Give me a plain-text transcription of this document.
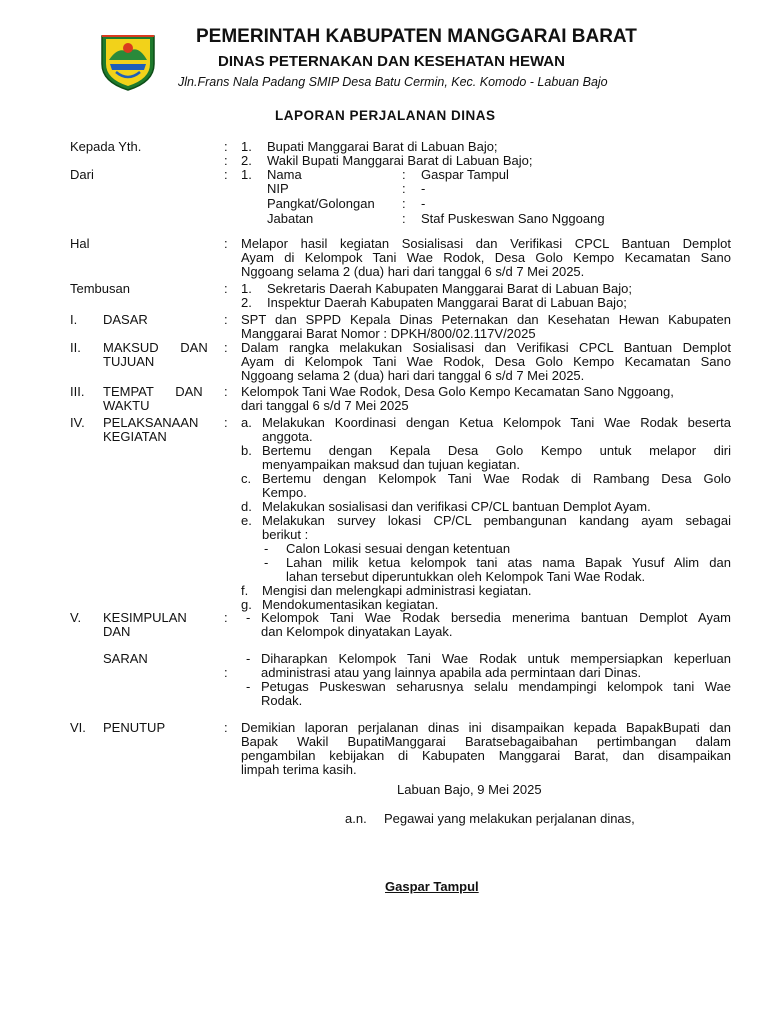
PEMERINTAH KABUPATEN MANGGARAI BARAT
DINAS PETERNAKAN DAN KESEHATAN HEWAN
Jln.Frans Nala Padang SMIP Desa Batu Cermin, Kec. Komodo - Labuan Bajo
LAPORAN PERJALANAN DINAS
Kepada Yth.	: 1. Bupati Manggarai Barat di Labuan Bajo;
: 2. Wakil Bupati Manggarai Barat di Labuan Bajo;
Dari	: 1. Nama	: Gaspar Tampul
NIP	: -
Pangkat/Golongan : -
Jabatan	: Staf Puskeswan Sano Nggoang
Hal	: Melapor hasil kegiatan Sosialisasi dan Verifikasi CPCL Bantuan Demplot
Ayam di Kelompok Tani Wae Rodok, Desa Golo Kempo Kecamatan Sano
Nggoang selama 2 (dua) hari dari tanggal 6 s/d 7 Mei 2025.
Tembusan	: 1. Sekretaris Daerah Kabupaten Manggarai Barat di Labuan Bajo;
2. Inspektur Daerah Kabupaten Manggarai Barat di Labuan Bajo;
I. DASAR	: SPT dan SPPD Kepala Dinas Peternakan dan Kesehatan Hewan Kabupaten
Manggarai Barat Nomor : DPKH/800/02.117V/2025
II. MAKSUD      DAN
TUJUAN
: Dalam rangka melakukan Sosialisasi dan Verifikasi CPCL Bantuan Demplot
Ayam di Kelompok Tani Wae Rodok, Desa Golo Kempo Kecamatan Sano
Nggoang selama 2 (dua) hari dari tanggal 6 s/d 7 Mei 2025.
III. TEMPAT      DAN
WAKTU
: Kelompok Tani Wae Rodok, Desa Golo Kempo Kecamatan Sano Nggoang,
dari tanggal 6 s/d 7 Mei 2025
IV. PELAKSANAAN
KEGIATAN
: a. Melakukan Koordinasi dengan Ketua Kelompok Tani Wae Rodak beserta
anggota.
b. Bertemu dengan Kepala Desa Golo Kempo untuk melapor diri
menyampaikan maksud dan tujuan kegiatan.
c. Bertemu dengan Kelompok Tani Wae Rodak di Rambang Desa Golo
Kempo.
d. Melakukan sosialisasi dan verifikasi CP/CL bantuan Demplot Ayam.
e. Melakukan survey lokasi CP/CL pembangunan kandang ayam sebagai
berikut :
- Calon Lokasi sesuai dengan ketentuan
- Lahan milik ketua kelompok tani atas nama Bapak Yusuf Alim dan
lahan tersebut diperuntukkan oleh Kelompok Tani Wae Rodak.
f. Mengisi dan melengkapi administrasi kegiatan.
g. Mendokumentasikan kegiatan.
V. KESIMPULAN
DAN
: - Kelompok Tani Wae Rodak bersedia menerima bantuan Demplot Ayam
dan Kelompok dinyatakan Layak.
SARAN
:
- Diharapkan Kelompok Tani Wae Rodak untuk mempersiapkan keperluan
administrasi atau yang lainnya apabila ada permintaan dari Dinas.
- Petugas Puskeswan seharusnya selalu mendampingi kelompok tani Wae
Rodak.
VI. PENUTUP	: Demikian laporan perjalanan dinas ini disampaikan kepada BapakBupati dan
Bapak Wakil BupatiManggarai Baratsebagaibahan pertimbangan dalam
pengambilan kebijakan di Kabupaten Manggarai Barat, dan disampaikan
limpah terima kasih.
Labuan Bajo, 9 Mei 2025
a.n. Pegawai yang melakukan perjalanan dinas,
Gaspar Tampul
